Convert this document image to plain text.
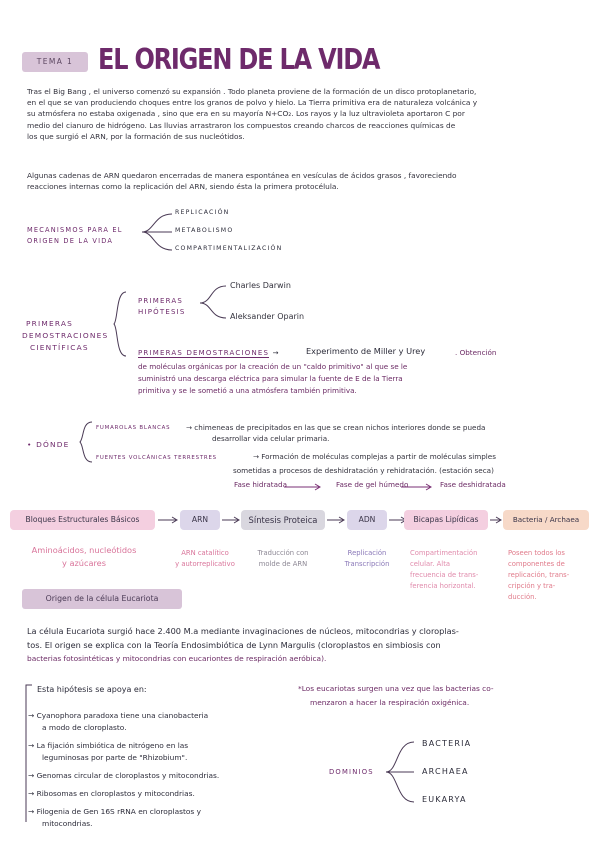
TEMA 1	EL ORIGEN DE LA VIDA
Tras el Big Bang , el universo comenzó su expansión . Todo planeta proviene de la formación de un disco protoplanetario,
en el que se van produciendo choques entre los granos de polvo y hielo. La Tierra primitiva era de naturaleza volcánica y
su atmósfera no estaba oxigenada , sino que era en su mayoría N+CO₂. Los rayos y la luz ultravioleta aportaron C por
medio del cianuro de hidrógeno. Las lluvias arrastraron los compuestos creando charcos de reacciones químicas de
los que surgió el ARN, por la formación de sus nucleótidos.
Algunas cadenas de ARN quedaron encerradas de manera espontánea en vesículas de ácidos grasos , favoreciendo
reacciones internas como la replicación del ARN, siendo ésta la primera protocélula.
MECANISMOS PARA EL
ORIGEN DE LA VIDA
REPLICACIÓN
METABOLISMO
COMPARTIMENTALIZACIÓN
PRIMERAS
DEMOSTRACIONES
CIENTÍFICAS
PRIMERAS
HIPÓTESIS
Charles Darwin
Aleksander Oparin
PRIMERAS DEMOSTRACIONES →	Experimento de Miller y Urey	. Obtención
de moléculas orgánicas por la creación de un "caldo primitivo" al que se le
suministró una descarga eléctrica para simular la fuente de E de la Tierra
primitiva y se le sometió a una atmósfera también primitiva.
• DÓNDE
FUMAROLAS BLANCAS → chimeneas de precipitados en las que se crean nichos interiores donde se pueda
desarrollar vida celular primaria.
FUENTES VOLCÁNICAS TERRESTRES	→ Formación de moléculas complejas a partir de moléculas simples
sometidas a procesos de deshidratación y rehidratación. (estación seca)
Fase hidratada	Fase de gel húmedo	Fase deshidratada
Bloques Estructurales Básicos	ARN	Síntesis Proteica	ADN	Bicapas Lipídicas	Bacteria / Archaea
Aminoácidos, nucleótidos
y azúcares
ARN catalítico
y autorreplicativo
Traducción con
molde de ARN
Replicación
Transcripción
Compartimentación
celular. Alta
frecuencia de trans-
ferencia horizontal.
Poseen todos los
componentes de
replicación, trans-
cripción y tra-
ducción.
Origen de la célula Eucariota
La célula Eucariota surgió hace 2.400 M.a mediante invaginaciones de núcleos, mitocondrias y cloroplas-
tos. El origen se explica con la Teoría Endosimbiótica de Lynn Margulis (cloroplastos en simbiosis con
bacterias fotosintéticas y mitocondrias con eucariontes de respiración aeróbica).
Esta hipótesis se apoya en:
→ Cyanophora paradoxa tiene una cianobacteria
a modo de cloroplasto.
→ La fijación simbiótica de nitrógeno en las
leguminosas por parte de "Rhizobium".
→ Genomas circular de cloroplastos y mitocondrias.
→ Ribosomas en cloroplastos y mitocondrias.
→ Filogenia de Gen 16S rRNA en cloroplastos y
mitocondrias.
*Los eucariotas surgen una vez que las bacterias co-
menzaron a hacer la respiración oxigénica.
DOMINIOS
BACTERIA
ARCHAEA
EUKARYA
